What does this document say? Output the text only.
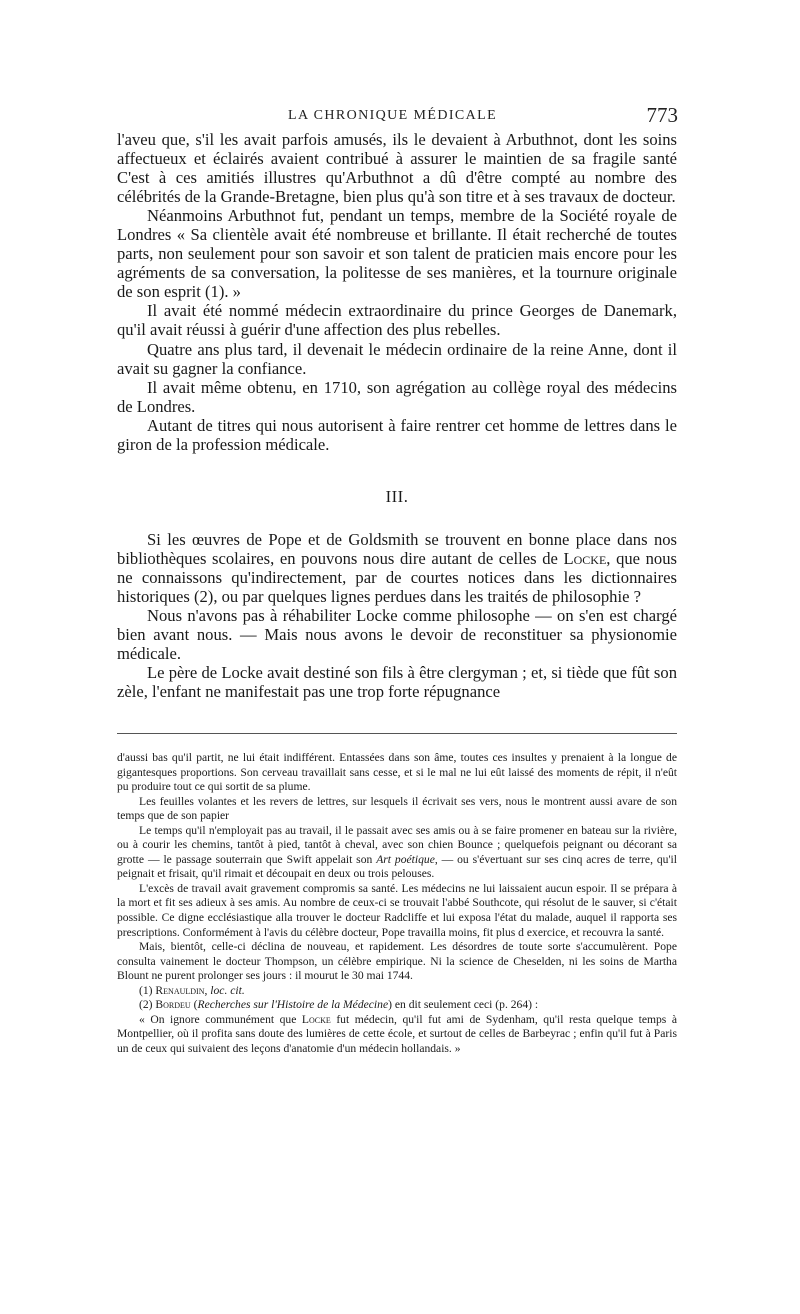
LA CHRONIQUE MÉDICALE	773

l'aveu que, s'il les avait parfois amusés, ils le devaient à Arbuthnot, dont les soins affectueux et éclairés avaient contribué à assurer le maintien de sa fragile santé C'est à ces amitiés illustres qu'Arbuthnot a dû d'être compté au nombre des célébrités de la Grande-Bretagne, bien plus qu'à son titre et à ses travaux de docteur.

Néanmoins Arbuthnot fut, pendant un temps, membre de la Société royale de Londres « Sa clientèle avait été nombreuse et brillante. Il était recherché de toutes parts, non seulement pour son savoir et son talent de praticien mais encore pour les agréments de sa conversation, la politesse de ses manières, et la tournure originale de son esprit (1). »

Il avait été nommé médecin extraordinaire du prince Georges de Danemark, qu'il avait réussi à guérir d'une affection des plus rebelles.

Quatre ans plus tard, il devenait le médecin ordinaire de la reine Anne, dont il avait su gagner la confiance.

Il avait même obtenu, en 1710, son agrégation au collège royal des médecins de Londres.

Autant de titres qui nous autorisent à faire rentrer cet homme de lettres dans le giron de la profession médicale.

III.

Si les œuvres de Pope et de Goldsmith se trouvent en bonne place dans nos bibliothèques scolaires, en pouvons nous dire autant de celles de Locke, que nous ne connaissons qu'indirectement, par de courtes notices dans les dictionnaires historiques (2), ou par quelques lignes perdues dans les traités de philosophie ?

Nous n'avons pas à réhabiliter Locke comme philosophe — on s'en est chargé bien avant nous. — Mais nous avons le devoir de reconstituer sa physionomie médicale.

Le père de Locke avait destiné son fils à être clergyman ; et, si tiède que fût son zèle, l'enfant ne manifestait pas une trop forte répugnance

d'aussi bas qu'il partit, ne lui était indifférent. Entassées dans son âme, toutes ces insultes y prenaient à la longue de gigantesques proportions. Son cerveau travaillait sans cesse, et si le mal ne lui eût laissé des moments de répit, il n'eût pu produire tout ce qui sortit de sa plume.

Les feuilles volantes et les revers de lettres, sur lesquels il écrivait ses vers, nous le montrent aussi avare de son temps que de son papier

Le temps qu'il n'employait pas au travail, il le passait avec ses amis ou à se faire promener en bateau sur la rivière, ou à courir les chemins, tantôt à pied, tantôt à cheval, avec son chien Bounce ; quelquefois peignant ou décorant sa grotte — le passage souterrain que Swift appelait son Art poétique, — ou s'évertuant sur ses cinq acres de terre, qu'il peignait et frisait, qu'il rimait et découpait en deux ou trois pelouses.

L'excès de travail avait gravement compromis sa santé. Les médecins ne lui laissaient aucun espoir. Il se prépara à la mort et fit ses adieux à ses amis. Au nombre de ceux-ci se trouvait l'abbé Southcote, qui résolut de le sauver, si c'était possible. Ce digne ecclésiastique alla trouver le docteur Radcliffe et lui exposa l'état du malade, auquel il rapporta ses prescriptions. Conformément à l'avis du célèbre docteur, Pope travailla moins, fit plus d exercice, et recouvra la santé.

Mais, bientôt, celle-ci déclina de nouveau, et rapidement. Les désordres de toute sorte s'accumulèrent. Pope consulta vainement le docteur Thompson, un célèbre empirique. Ni la science de Cheselden, ni les soins de Martha Blount ne purent prolonger ses jours : il mourut le 30 mai 1744.

(1) Renauldin, loc. cit.

(2) Bordeu (Recherches sur l'Histoire de la Médecine) en dit seulement ceci (p. 264) :

« On ignore communément que Locke fut médecin, qu'il fut ami de Sydenham, qu'il resta quelque temps à Montpellier, où il profita sans doute des lumières de cette école, et surtout de celles de Barbeyrac ; enfin qu'il fut à Paris un de ceux qui suivaient des leçons d'anatomie d'un médecin hollandais. »
